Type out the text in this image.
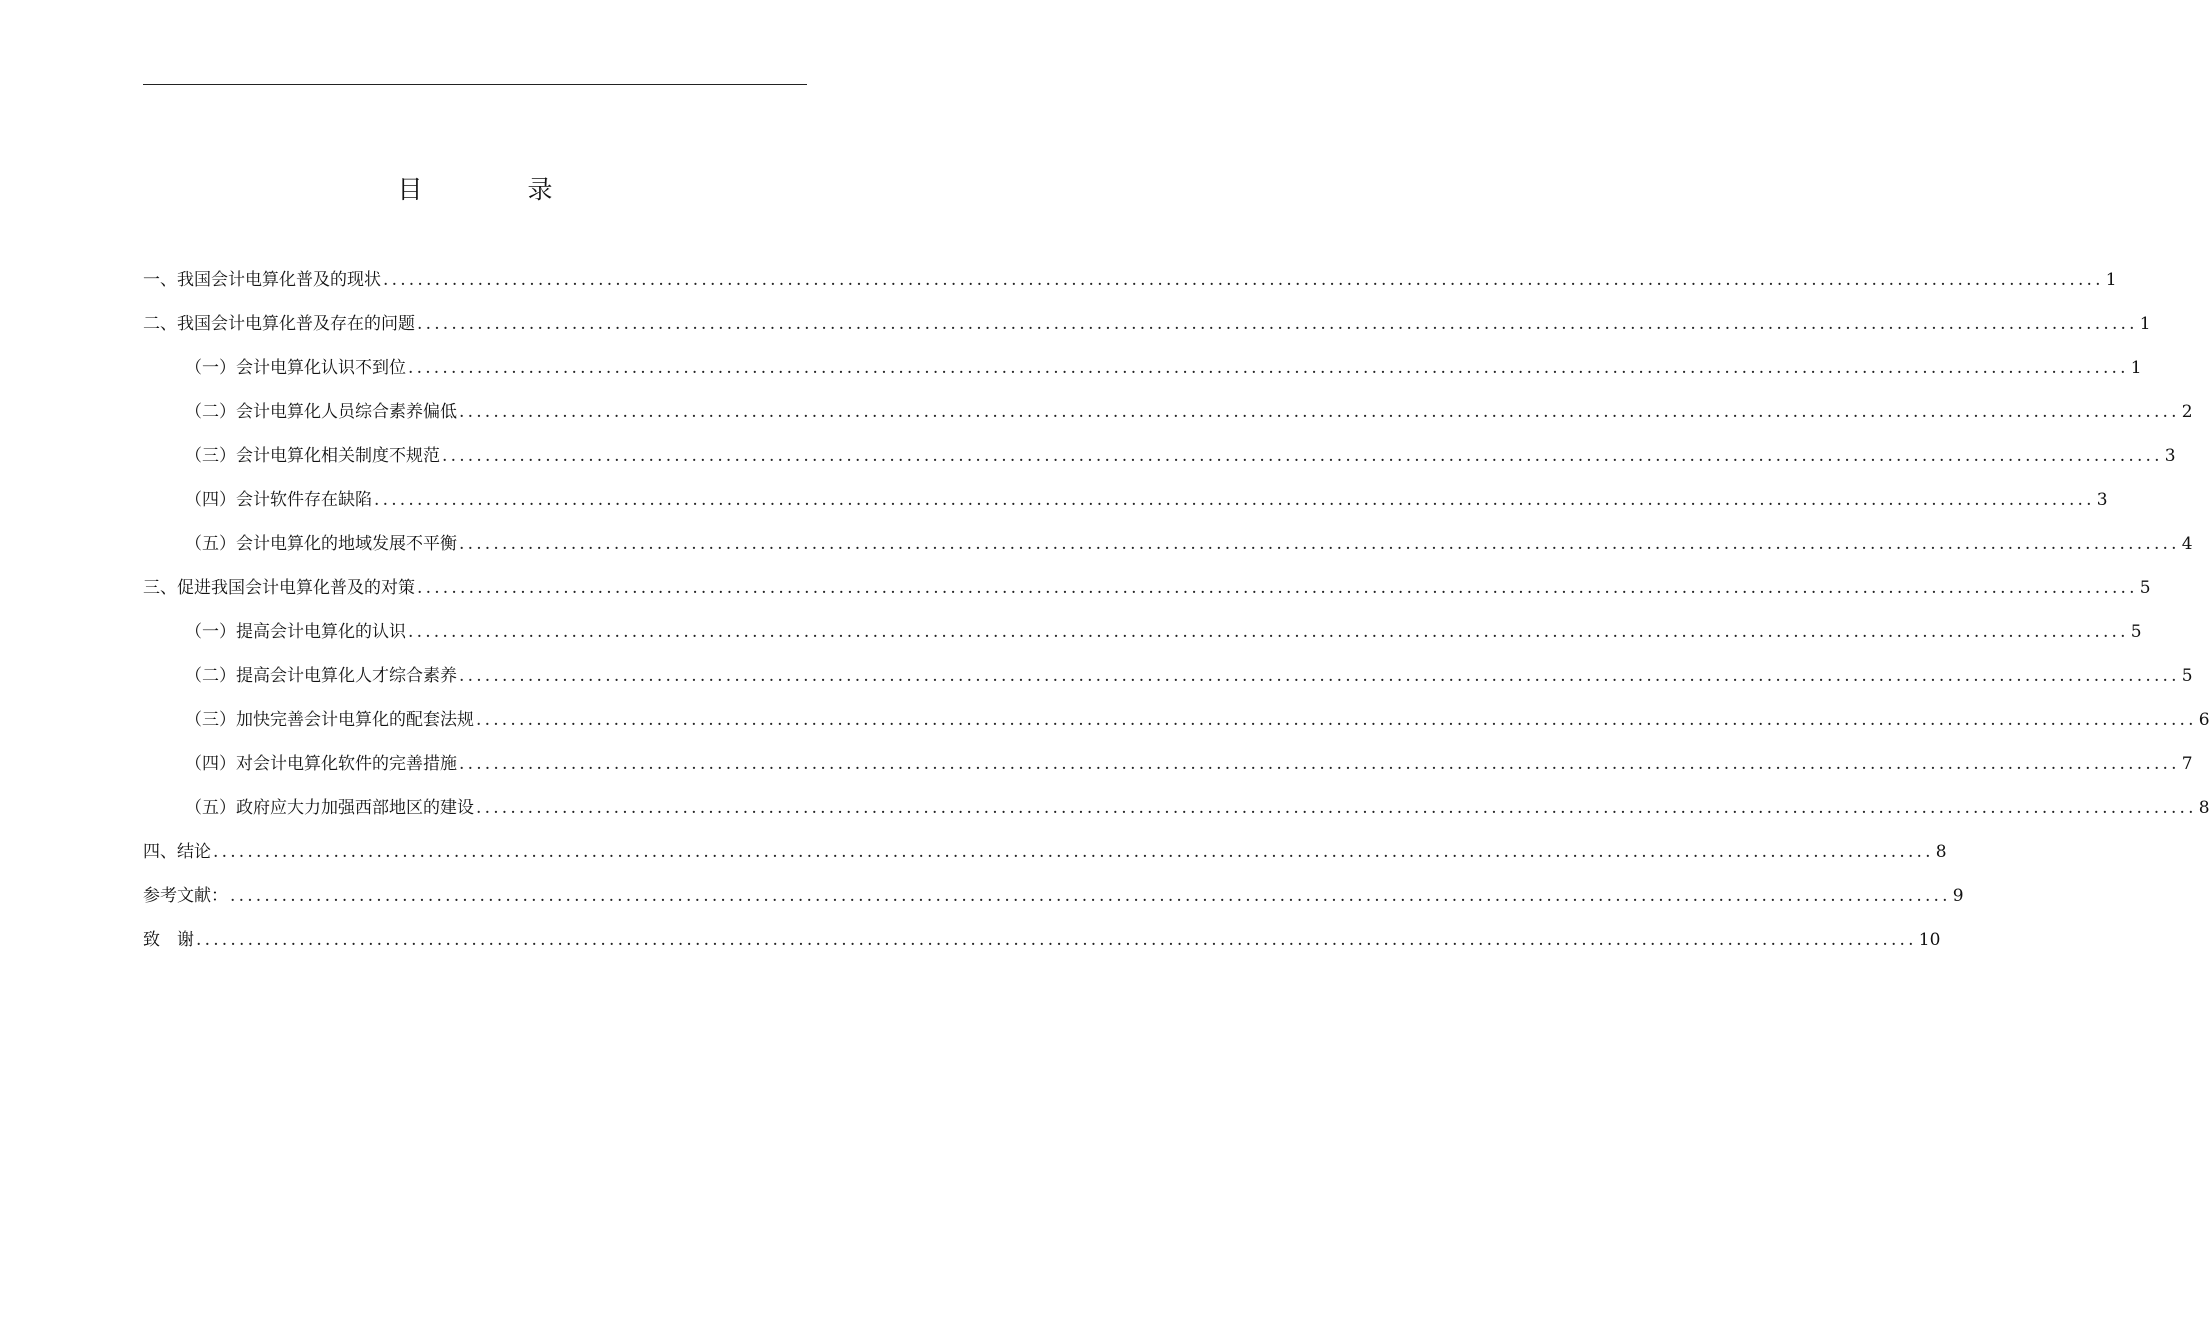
目　录
一、我国会计电算化普及的现状 ........................................................................................................................................................................................................ 1
二、我国会计电算化普及存在的问题 ........................................................................................................................................................................................................ 1
（一）会计电算化认识不到位 ........................................................................................................................................................................................................ 1
（二）会计电算化人员综合素养偏低 ........................................................................................................................................................................................................ 2
（三）会计电算化相关制度不规范 ........................................................................................................................................................................................................ 3
（四）会计软件存在缺陷 ........................................................................................................................................................................................................ 3
（五）会计电算化的地域发展不平衡 ........................................................................................................................................................................................................ 4
三、促进我国会计电算化普及的对策 ........................................................................................................................................................................................................ 5
（一）提高会计电算化的认识 ........................................................................................................................................................................................................ 5
（二）提高会计电算化人才综合素养 ........................................................................................................................................................................................................ 5
（三）加快完善会计电算化的配套法规 ........................................................................................................................................................................................................ 6
（四）对会计电算化软件的完善措施 ........................................................................................................................................................................................................ 7
（五）政府应大力加强西部地区的建设 ........................................................................................................................................................................................................ 8
四、结论 ........................................................................................................................................................................................................ 8
参考文献： ........................................................................................................................................................................................................ 9
致　谢 ........................................................................................................................................................................................................ 10
